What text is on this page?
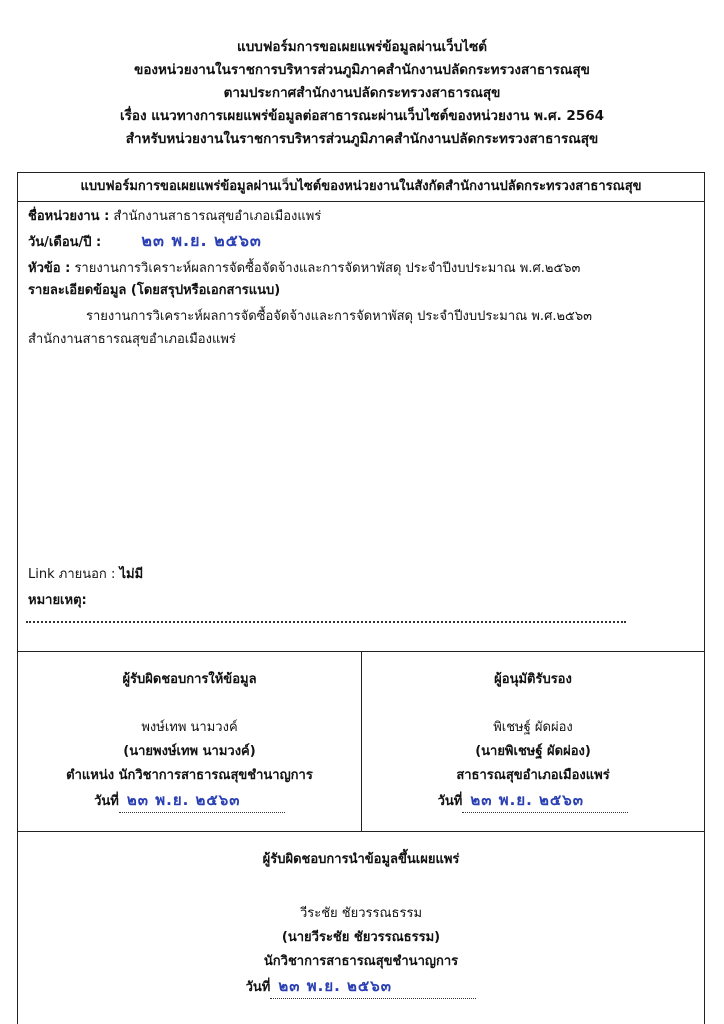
แบบฟอร์มการขอเผยแพร่ข้อมูลผ่านเว็บไซต์
ของหน่วยงานในราชการบริหารส่วนภูมิภาคสำนักงานปลัดกระทรวงสาธารณสุข
ตามประกาศสำนักงานปลัดกระทรวงสาธารณสุข
เรื่อง แนวทางการเผยแพร่ข้อมูลต่อสาธารณะผ่านเว็บไซต์ของหน่วยงาน พ.ศ. 2564
สำหรับหน่วยงานในราชการบริหารส่วนภูมิภาคสำนักงานปลัดกระทรวงสาธารณสุข
แบบฟอร์มการขอเผยแพร่ข้อมูลผ่านเว็บไซต์ของหน่วยงานในสังกัดสำนักงานปลัดกระทรวงสาธารณสุข
ชื่อหน่วยงาน : สำนักงานสาธารณสุขอำเภอเมืองแพร่
วัน/เดือน/ปี :	๒๓ พ.ย. ๒๕๖๓
หัวข้อ : รายงานการวิเคราะห์ผลการจัดซื้อจัดจ้างและการจัดหาพัสดุ ประจำปีงบประมาณ พ.ศ.๒๕๖๓
รายละเอียดข้อมูล (โดยสรุปหรือเอกสารแนบ)
รายงานการวิเคราะห์ผลการจัดซื้อจัดจ้างและการจัดหาพัสดุ ประจำปีงบประมาณ พ.ศ.๒๕๖๓
สำนักงานสาธารณสุขอำเภอเมืองแพร่
Link ภายนอก : ไม่มี
หมายเหตุ:
ผู้รับผิดชอบการให้ข้อมูล
พงษ์เทพ นามวงค์
(นายพงษ์เทพ นามวงค์)
ตำแหน่ง นักวิชาการสาธารณสุขชำนาญการ
วันที่ ๒๓ พ.ย. ๒๕๖๓
ผู้อนุมัติรับรอง
พิเชษฐ์ ผัดผ่อง
(นายพิเชษฐ์ ผัดผ่อง)
สาธารณสุขอำเภอเมืองแพร่
วันที่ ๒๓ พ.ย. ๒๕๖๓
ผู้รับผิดชอบการนำข้อมูลขึ้นเผยแพร่
วีระชัย ชัยวรรณธรรม
(นายวีระชัย ชัยวรรณธรรม)
นักวิชาการสาธารณสุขชำนาญการ
วันที่ ๒๓ พ.ย. ๒๕๖๓
